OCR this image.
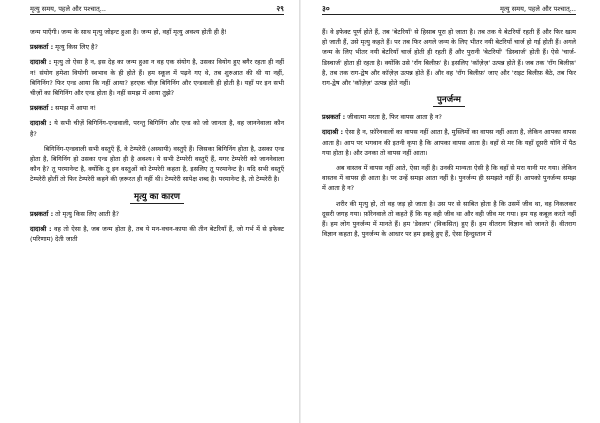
मृत्यु समय, पहले और पश्चात्...	२९

जन्म पाएँगी। जन्म के साथ मृत्यु जोइन्ट हुआ है। जन्म हो, वहाँ मृत्यु अवश्य होती ही है!

प्रश्नकर्ता : मृत्यु किस लिए है?

दादाश्री : मृत्यु तो ऐसा है न, इस देह का जन्म हुआ न वह एक संयोग है, उसका वियोग हुए बगैर रहता ही नहीं न! संयोग हमेशा वियोगी स्वभाव के ही होते हैं। हम स्कूल में पढ़ने गए थे, तब शुरुआत की थी या नहीं, बिगिनिंग? फिर एन्ड आया कि नहीं आया? हरएक चीज़ बिगिनिंग और एन्डवाली ही होती है। यहाँ पर इन सभी चीज़ों का बिगिनिंग और एन्ड होता है। नहीं समझ में आया तुझे?

प्रश्नकर्ता : समझ में आया न!

दादाश्री : ये सभी चीज़ें बिगिनिंग-एन्डवाली, परन्तु बिगिनिंग और एन्ड को जो जानता है, वह जाननेवाला कौन है?

बिगिनिंग-एन्डवाली सभी वस्तुएँ हैं, वे टेम्परेरी (अस्थायी) वस्तुएँ हैं। जिसका बिगिनिंग होता है, उसका एन्ड होता है, बिगिनिंग हो उसका एन्ड होता ही है अवश्य। ये सभी टेम्परेरी वस्तुएँ हैं, मगर टेम्परेरी को जाननेवाला कौन है? तू परमानेन्ट है, क्योंकि तू इन वस्तुओं को टेम्परेरी कहता है, इसलिए तू परमानेन्ट है। यदि सभी वस्तुएँ टेम्परेरी होतीं तो फिर टेम्परेरी कहने की ज़रूरत ही नहीं थी। टेम्परेरी सापेक्ष शब्द है। परमानेन्ट है, तो टेम्परेरी है।

मृत्यु का कारण

प्रश्नकर्ता : तो मृत्यु किस लिए आती है?

दादाश्री : वह तो ऐसा है, जब जन्म होता है, तब ये मन-वचन-काया की तीन बेटरियाँ हैं, जो गर्भ में से इफेक्ट (परिणाम) देती जाती

३०	मृत्यु समय, पहले और पश्चात्...

हैं। वे इफेक्ट पूर्ण होते हैं, तब 'बेटरियाँ' से हिसाब पूरा हो जाता है। तब तक ये बेटरियाँ रहती हैं और फिर खत्म हो जाती हैं, उसे मृत्यु कहते हैं। पर तब फिर अगले जन्म के लिए भीतर नयी बेटरियाँ चार्ज हो गई होती हैं। अगले जन्म के लिए भीतर नयी बेटरियाँ चार्ज होती ही रहती हैं और पुरानी 'बेटरियाँ' 'डिस्चार्ज' होती हैं। ऐसे 'चार्ज-डिस्चार्ज' होता ही रहता है। क्योंकि उसे 'रॉंग बिलीफ़' है। इसलिए 'कॉज़ेज़' उत्पन्न होते हैं। जब तक 'रॉंग बिलीफ़' है, तब तक राग-द्वेष और कॉज़ेज़ उत्पन्न होते हैं। और वह 'रॉंग बिलीफ़' जाए और 'राइट बिलीफ़ बैठे, तब फिर राग-द्वेष और 'कॉज़ेज़' उत्पन्न होते नहीं।

पुनर्जन्म

प्रश्नकर्ता : जीवात्मा मरता है, फिर वापस आता है न?

दादाश्री : ऐसा है न, फ़ॉरेनवालों का वापस नहीं आता है, मुस्लिमों का वापस नहीं आता है, लेकिन आपका वापस आता है। आप पर भगवान की इतनी कृपा है कि आपका वापस आता है। वहाँ से मर कि यहाँ दूसरी योनि में पैठ गया होता है। और उनका तो वापस नहीं आता।

अब वास्तव में वापस नहीं आते, ऐसा नहीं है। उनकी मान्यता ऐसी है कि वहाँ से मरा यानी मर गया। लेकिन वास्तव में वापस ही आता है। पर उन्हें समझ आता नहीं है। पुनर्जन्म ही समझते नहीं हैं। आपको पुनर्जन्म समझ में आता है न?

शरीर की मृत्यु हो, तो वह जड़ हो जाता है। उस पर से साबित होता है कि उसमें जीव था, वह निकलकर दूसरी जगह गया। फ़ॉरेनवाले तो कहते हैं कि यह वही जीव था और वही जीव मर गया। हम यह कबूल करते नहीं हैं। हम लोग पुनर्जन्म में मानते हैं। हम 'डेवलप' (विकसित) हुए हैं। हम वीतराग विज्ञान को जानते हैं। वीतराग विज्ञान कहता है, पुनर्जन्म के आधार पर हम इकट्ठे हुए हैं, ऐसा हिन्दुस्तान में
